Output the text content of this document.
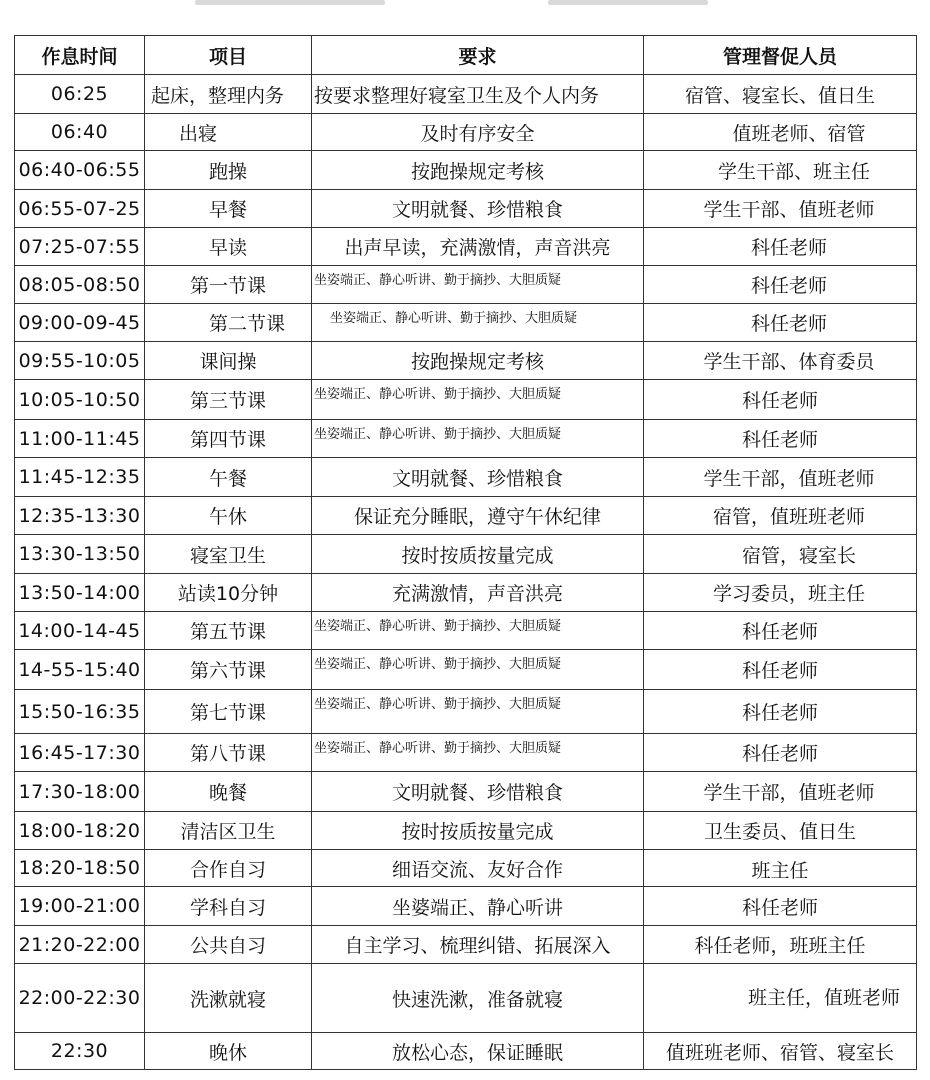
作息时间	项目	要求	管理督促人员
06:25	起床，整理内务	按要求整理好寝室卫生及个人内务	宿管、寝室长、值日生
06:40	出寝	及时有序安全	值班老师、宿管
06:40-06:55	跑操	按跑操规定考核	学生干部、班主任
06:55-07-25	早餐	文明就餐、珍惜粮食	学生干部、值班老师
07:25-07:55	早读	出声早读，充满激情，声音洪亮	科任老师
08:05-08:50	第一节课	坐姿端正、静心听讲、勤于摘抄、大胆质疑	科任老师
09:00-09-45	第二节课	坐姿端正、静心听讲、勤于摘抄、大胆质疑	科任老师
09:55-10:05	课间操	按跑操规定考核	学生干部、体育委员
10:05-10:50	第三节课	坐姿端正、静心听讲、勤于摘抄、大胆质疑	科任老师
11:00-11:45	第四节课	坐姿端正、静心听讲、勤于摘抄、大胆质疑	科任老师
11:45-12:35	午餐	文明就餐、珍惜粮食	学生干部，值班老师
12:35-13:30	午休	保证充分睡眠，遵守午休纪律	宿管，值班班老师
13:30-13:50	寝室卫生	按时按质按量完成	宿管，寝室长
13:50-14:00	站读10分钟	充满激情，声音洪亮	学习委员，班主任
14:00-14-45	第五节课	坐姿端正、静心听讲、勤于摘抄、大胆质疑	科任老师
14-55-15:40	第六节课	坐姿端正、静心听讲、勤于摘抄、大胆质疑	科任老师
15:50-16:35	第七节课	坐姿端正、静心听讲、勤于摘抄、大胆质疑	科任老师
16:45-17:30	第八节课	坐姿端正、静心听讲、勤于摘抄、大胆质疑	科任老师
17:30-18:00	晚餐	文明就餐、珍惜粮食	学生干部，值班老师
18:00-18:20	清洁区卫生	按时按质按量完成	卫生委员、值日生
18:20-18:50	合作自习	细语交流、友好合作	班主任
19:00-21:00	学科自习	坐婆端正、静心听讲	科任老师
21:20-22:00	公共自习	自主学习、梳理纠错、拓展深入	科任老师，班班主任
22:00-22:30	洗漱就寝	快速洗漱，准备就寝	班主任，值班老师
22:30	晚休	放松心态，保证睡眠	值班班老师、宿管、寝室长
